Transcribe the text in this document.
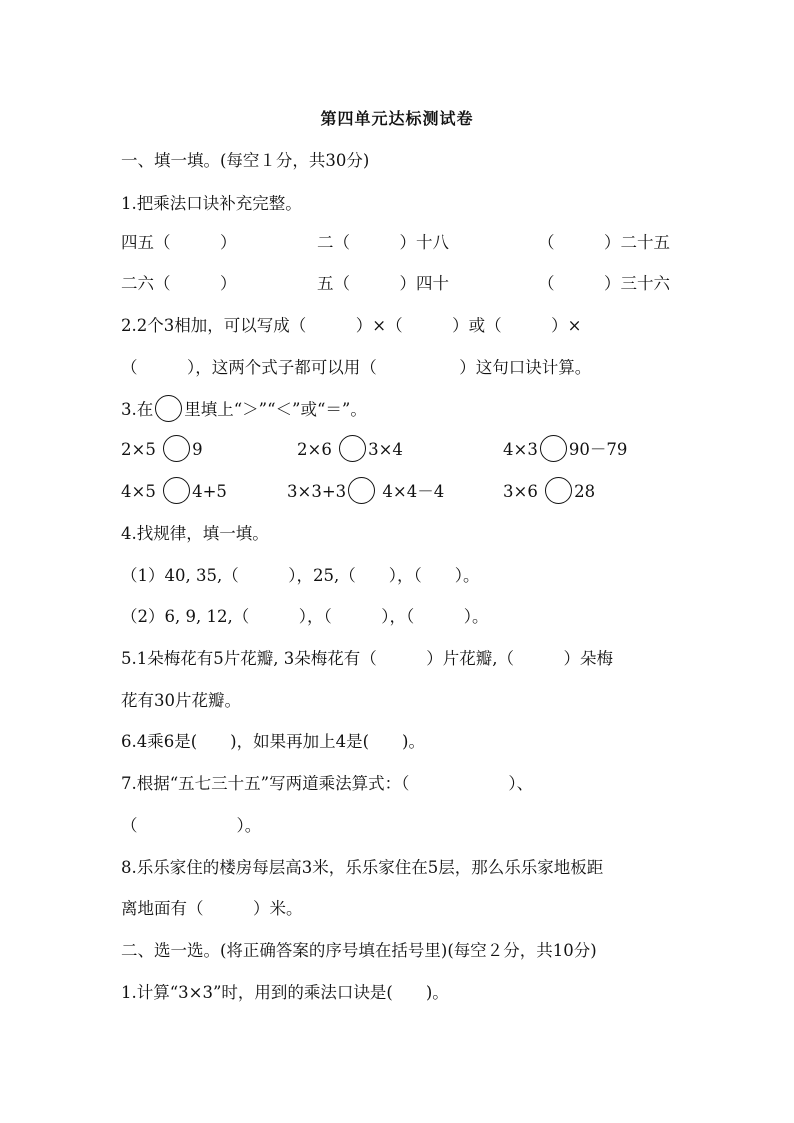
第四单元达标测试卷
一、填一填。(每空１分，共30分)
1.把乘法口诀补充完整。
四五（　　　）	二（　　　）十八	（　　　）二十五
二六（　　　）	五（　　　）四十	（　　　）三十六
2.2个3相加，可以写成（　　　）×（　　　）或（　　　）×
（　　　），这两个式子都可以用（　　　　　）这句口诀计算。
3.在 里填上“＞”“＜”或“＝”。
2×5 9	2×6 3×4	4×3 90－79
4×5 4+5	3×3+3 4×4－4	3×6 28
4.找规律，填一填。
（1）40, 35,（　　　），25,（　　），（　　）。
（2）6, 9, 12,（　　　），（　　　），（　　　）。
5.1朵梅花有5片花瓣, 3朵梅花有（　　　）片花瓣,（　　　）朵梅
花有30片花瓣。
6.4乘6是(　　)，如果再加上4是(　　)。
7.根据“五七三十五”写两道乘法算式：（　　　　　　）、
（　　　　　　）。
8.乐乐家住的楼房每层高3米，乐乐家住在5层，那么乐乐家地板距
离地面有（　　　）米。
二、选一选。(将正确答案的序号填在括号里)(每空２分，共10分)
1.计算“3×3”时，用到的乘法口诀是(　　)。
